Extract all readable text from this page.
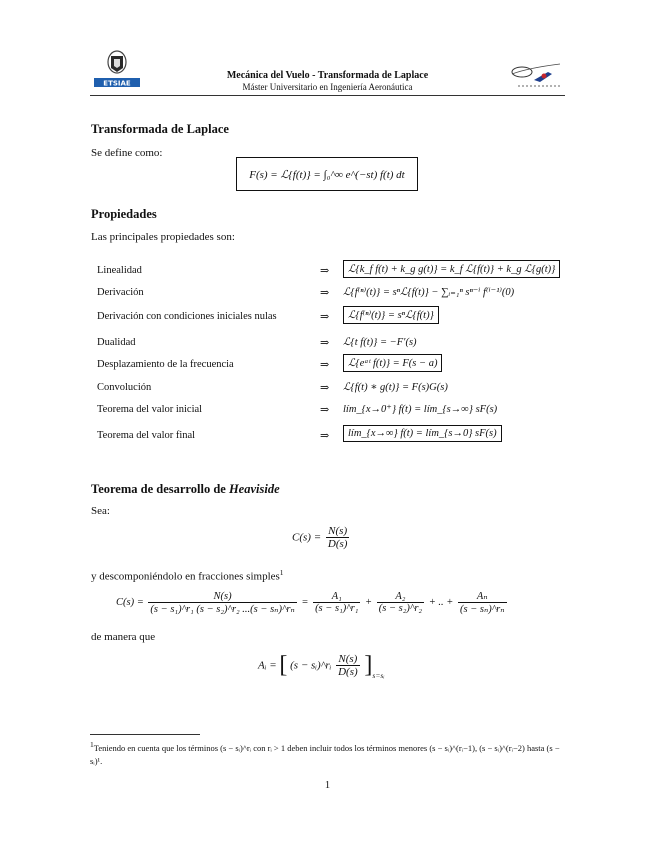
ETSIAE
Mecánica del Vuelo - Transformada de Laplace
Máster Universitario en Ingeniería Aeronáutica
Transformada de Laplace
Se define como:
F(s) = ℒ{f(t)} = ∫₀^∞ e^(−st) f(t) dt
Propiedades
Las principales propiedades son:
Linealidad	⇒	ℒ{k_f f(t) + k_g g(t)} = k_f ℒ{f(t)} + k_g ℒ{g(t)}
Derivación	⇒ ℒ{f⁽ⁿ⁾(t)} = sⁿℒ{f(t)} − ∑ᵢ₌₁ⁿ sⁿ⁻ⁱ f⁽ⁱ⁻¹⁾(0)
Derivación con condiciones iniciales nulas	⇒	ℒ{f⁽ⁿ⁾(t)} = sⁿℒ{f(t)}
Dualidad	⇒ ℒ{t f(t)} = −F′(s)
Desplazamiento de la frecuencia	⇒	ℒ{eᵃᵗ f(t)} = F(s − a)
Convolución	⇒ ℒ{f(t) ∗ g(t)} = F(s)G(s)
Teorema del valor inicial	⇒ lím_{x→0⁺} f(t) = lím_{s→∞} sF(s)
Teorema del valor final	⇒	lím_{x→∞} f(t) = lím_{s→0} sF(s)
Teorema de desarrollo de Heaviside
Sea:
$C(s) = \frac{N(s)}{D(s)}$
y descomponiéndolo en fracciones simples$^1$
$C(s) = \frac{N(s)}{\text{(s − s₁)\textasciicircum{}r₁ (s − s₂)\textasciicircum{}r₂ ...(s − sₙ)\textasciicircum{}rₙ}} = \frac{\text{A₁}}{\text{(s − s₁)\textasciicircum{}r₁}} + \frac{\text{A₂}}{\text{(s − s₂)\textasciicircum{}r₂}}$ + .. + $\frac{\text{Aₙ}}{\text{(s − sₙ)\textasciicircum{}rₙ}}$
de manera que
Aᵢ = [ (s − sᵢ)^rᵢ $\frac{N(s)}{D(s)} ]_{s=sᵢ}$
$^1$Teniendo en cuenta que los términos (s − sᵢ)^rᵢ con rᵢ > 1 deben incluir todos los términos menores (s − sᵢ)^(rᵢ−1), (s − sᵢ)^(rᵢ−2) hasta (s − sᵢ)¹.
1
